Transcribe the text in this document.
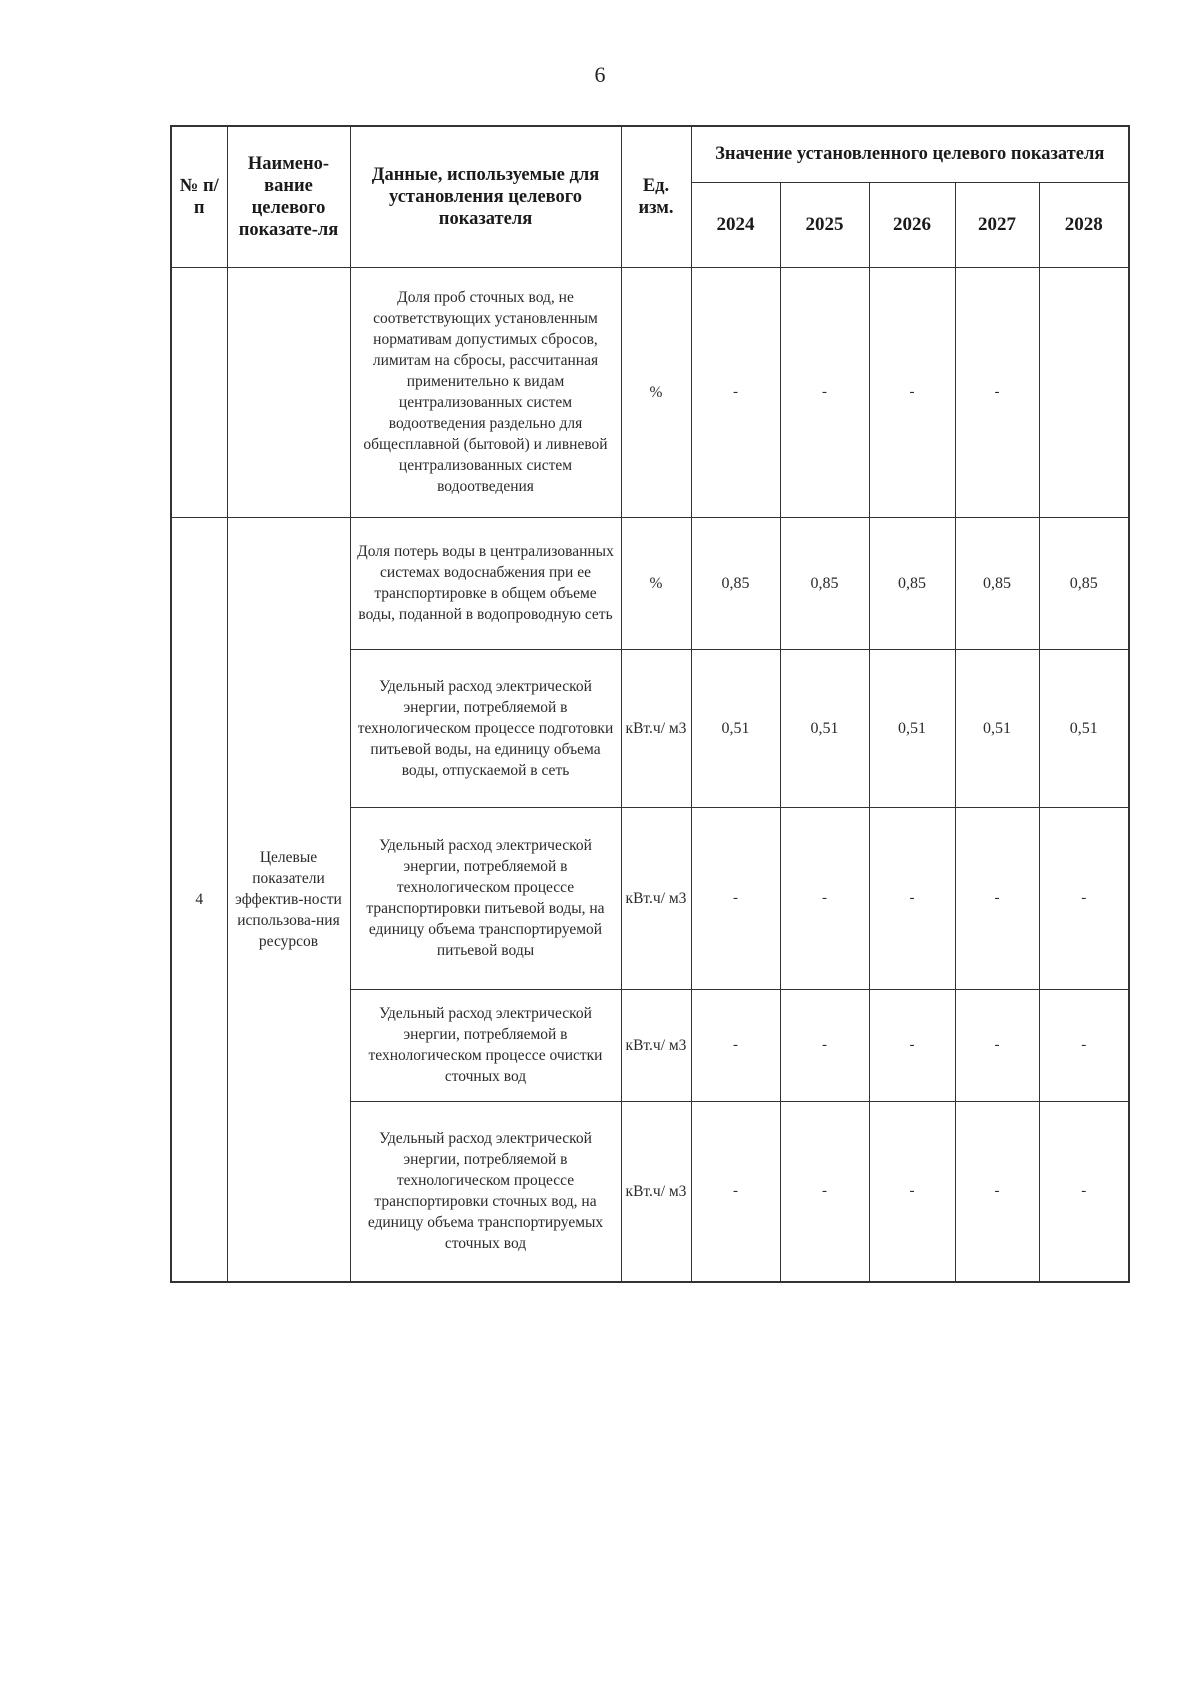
6
№ п/п	Наимено-вание целевого показате-ля	Данные, используемые для установления целевого показателя	Ед. изм.	Значение установленного целевого показателя				
				2024	2025	2026	2027	2028
		Доля проб сточных вод, не соответствующих установленным нормативам допустимых сбросов, лимитам на сбросы, рассчитанная применительно к видам централизованных систем водоотведения раздельно для общесплавной (бытовой) и ливневой централизованных систем водоотведения	%	-	-	-	-	
4	Целевые показатели эффектив-ности использова-ния ресурсов	Доля потерь воды в централизованных системах водоснабжения при ее транспортировке в общем объеме воды, поданной в водопроводную сеть	%	0,85	0,85	0,85	0,85	0,85
		Удельный расход электрической энергии, потребляемой в технологическом процессе подготовки питьевой воды, на единицу объема воды, отпускаемой в сеть	кВт.ч/ м3	0,51	0,51	0,51	0,51	0,51
		Удельный расход электрической энергии, потребляемой в технологическом процессе транспортировки питьевой воды, на единицу объема транспортируемой питьевой воды	кВт.ч/ м3	-	-	-	-	-
		Удельный расход электрической энергии, потребляемой в технологическом процессе очистки сточных вод	кВт.ч/ м3	-	-	-	-	-
		Удельный расход электрической энергии, потребляемой в технологическом процессе транспортировки сточных вод, на единицу объема транспортируемых сточных вод	кВт.ч/ м3	-	-	-	-	-
